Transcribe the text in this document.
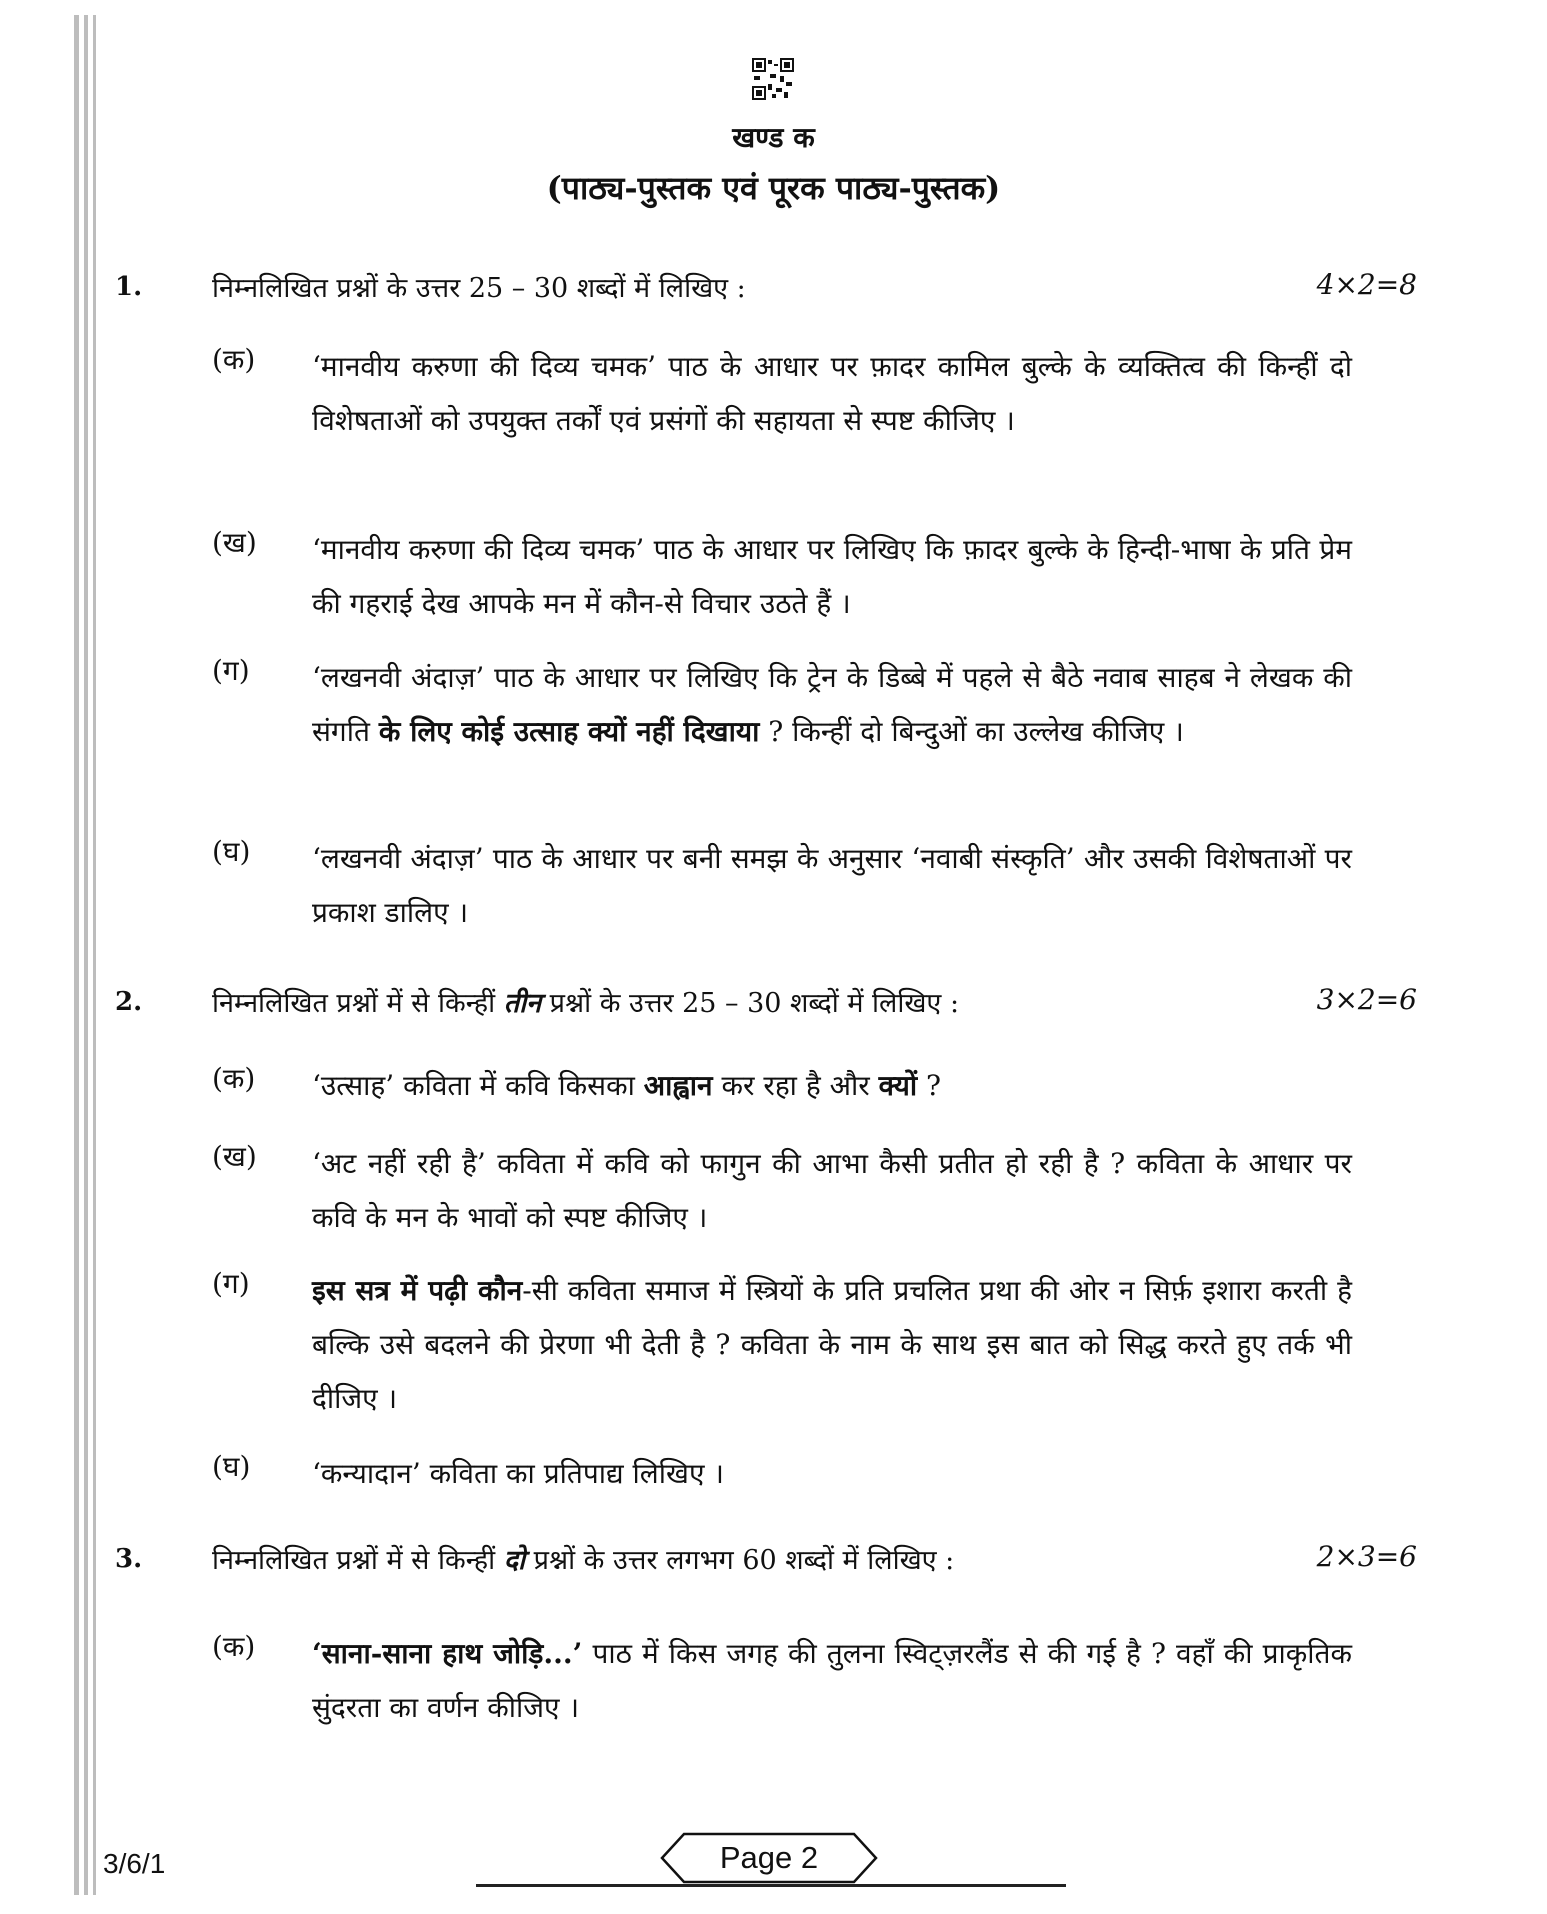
खण्ड क
(पाठ्य-पुस्तक एवं पूरक पाठ्य-पुस्तक)
1.	निम्नलिखित प्रश्नों के उत्तर 25 – 30 शब्दों में लिखिए :	4×2=8
(क) ‘मानवीय करुणा की दिव्य चमक’ पाठ के आधार पर फ़ादर कामिल बुल्के के व्यक्तित्व की किन्हीं दो विशेषताओं को उपयुक्त तर्कों एवं प्रसंगों की सहायता से स्पष्ट कीजिए ।
(ख) ‘मानवीय करुणा की दिव्य चमक’ पाठ के आधार पर लिखिए कि फ़ादर बुल्के के हिन्दी-भाषा के प्रति प्रेम की गहराई देख आपके मन में कौन-से विचार उठते हैं ।
(ग) ‘लखनवी अंदाज़’ पाठ के आधार पर लिखिए कि ट्रेन के डिब्बे में पहले से बैठे नवाब साहब ने लेखक की संगति के लिए कोई उत्साह क्यों नहीं दिखाया ? किन्हीं दो बिन्दुओं का उल्लेख कीजिए ।
(घ) ‘लखनवी अंदाज़’ पाठ के आधार पर बनी समझ के अनुसार ‘नवाबी संस्कृति’ और उसकी विशेषताओं पर प्रकाश डालिए ।
2.	निम्नलिखित प्रश्नों में से किन्हीं तीन प्रश्नों के उत्तर 25 – 30 शब्दों में लिखिए :	3×2=6
(क) ‘उत्साह’ कविता में कवि किसका आह्वान कर रहा है और क्यों ?
(ख) ‘अट नहीं रही है’ कविता में कवि को फागुन की आभा कैसी प्रतीत हो रही है ? कविता के आधार पर कवि के मन के भावों को स्पष्ट कीजिए ।
(ग) इस सत्र में पढ़ी कौन-सी कविता समाज में स्त्रियों के प्रति प्रचलित प्रथा की ओर न सिर्फ़ इशारा करती है बल्कि उसे बदलने की प्रेरणा भी देती है ? कविता के नाम के साथ इस बात को सिद्ध करते हुए तर्क भी दीजिए ।
(घ) ‘कन्यादान’ कविता का प्रतिपाद्य लिखिए ।
3.	निम्नलिखित प्रश्नों में से किन्हीं दो प्रश्नों के उत्तर लगभग 60 शब्दों में लिखिए :	2×3=6
(क) ‘साना-साना हाथ जोड़ि...’ पाठ में किस जगह की तुलना स्विट्ज़रलैंड से की गई है ? वहाँ की प्राकृतिक सुंदरता का वर्णन कीजिए ।
3/6/1	Page 2
